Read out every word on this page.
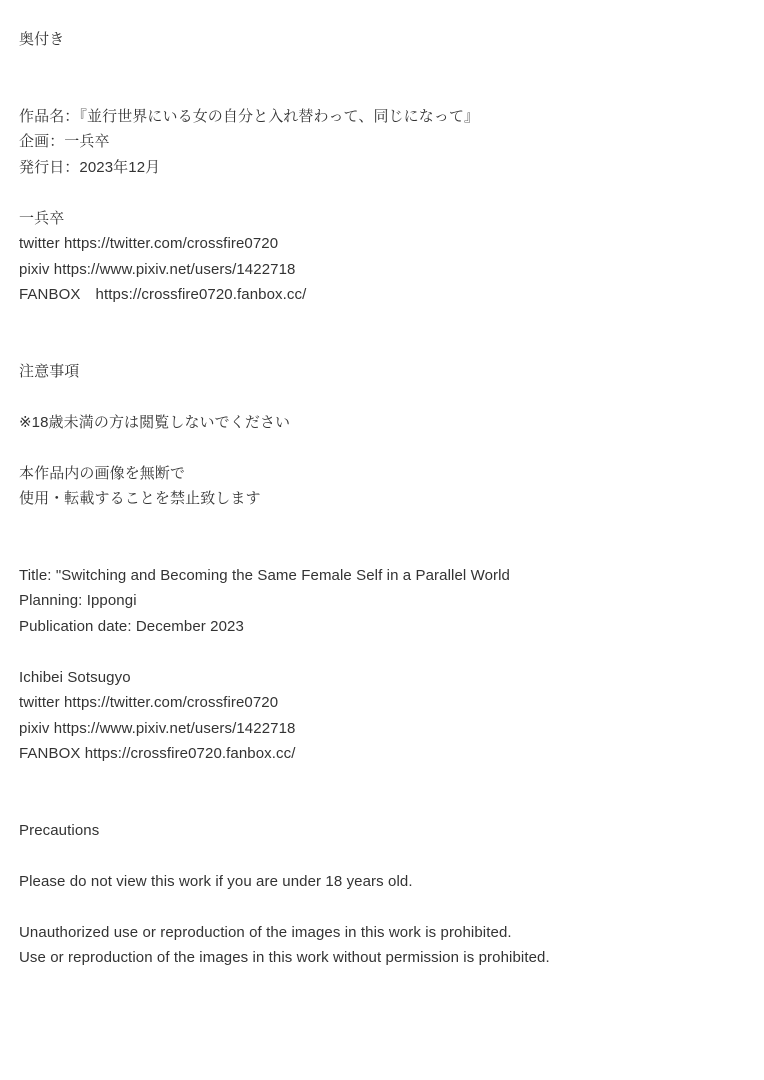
奥付き

作品名：『並行世界にいる女の自分と入れ替わって、同じになって』

企画：一兵卒

発行日：2023年12月

一兵卒

twitter https://twitter.com/crossfire0720

pixiv https://www.pixiv.net/users/1422718

FANBOX　https://crossfire0720.fanbox.cc/

注意事項

※18歳未満の方は閲覧しないでください

本作品内の画像を無断で

使用・転載することを禁止致します

Title: "Switching and Becoming the Same Female Self in a Parallel World

Planning: Ippongi

Publication date: December 2023

Ichibei Sotsugyo

twitter https://twitter.com/crossfire0720

pixiv https://www.pixiv.net/users/1422718

FANBOX https://crossfire0720.fanbox.cc/

Precautions

Please do not view this work if you are under 18 years old.

Unauthorized use or reproduction of the images in this work is prohibited.

Use or reproduction of the images in this work without permission is prohibited.
